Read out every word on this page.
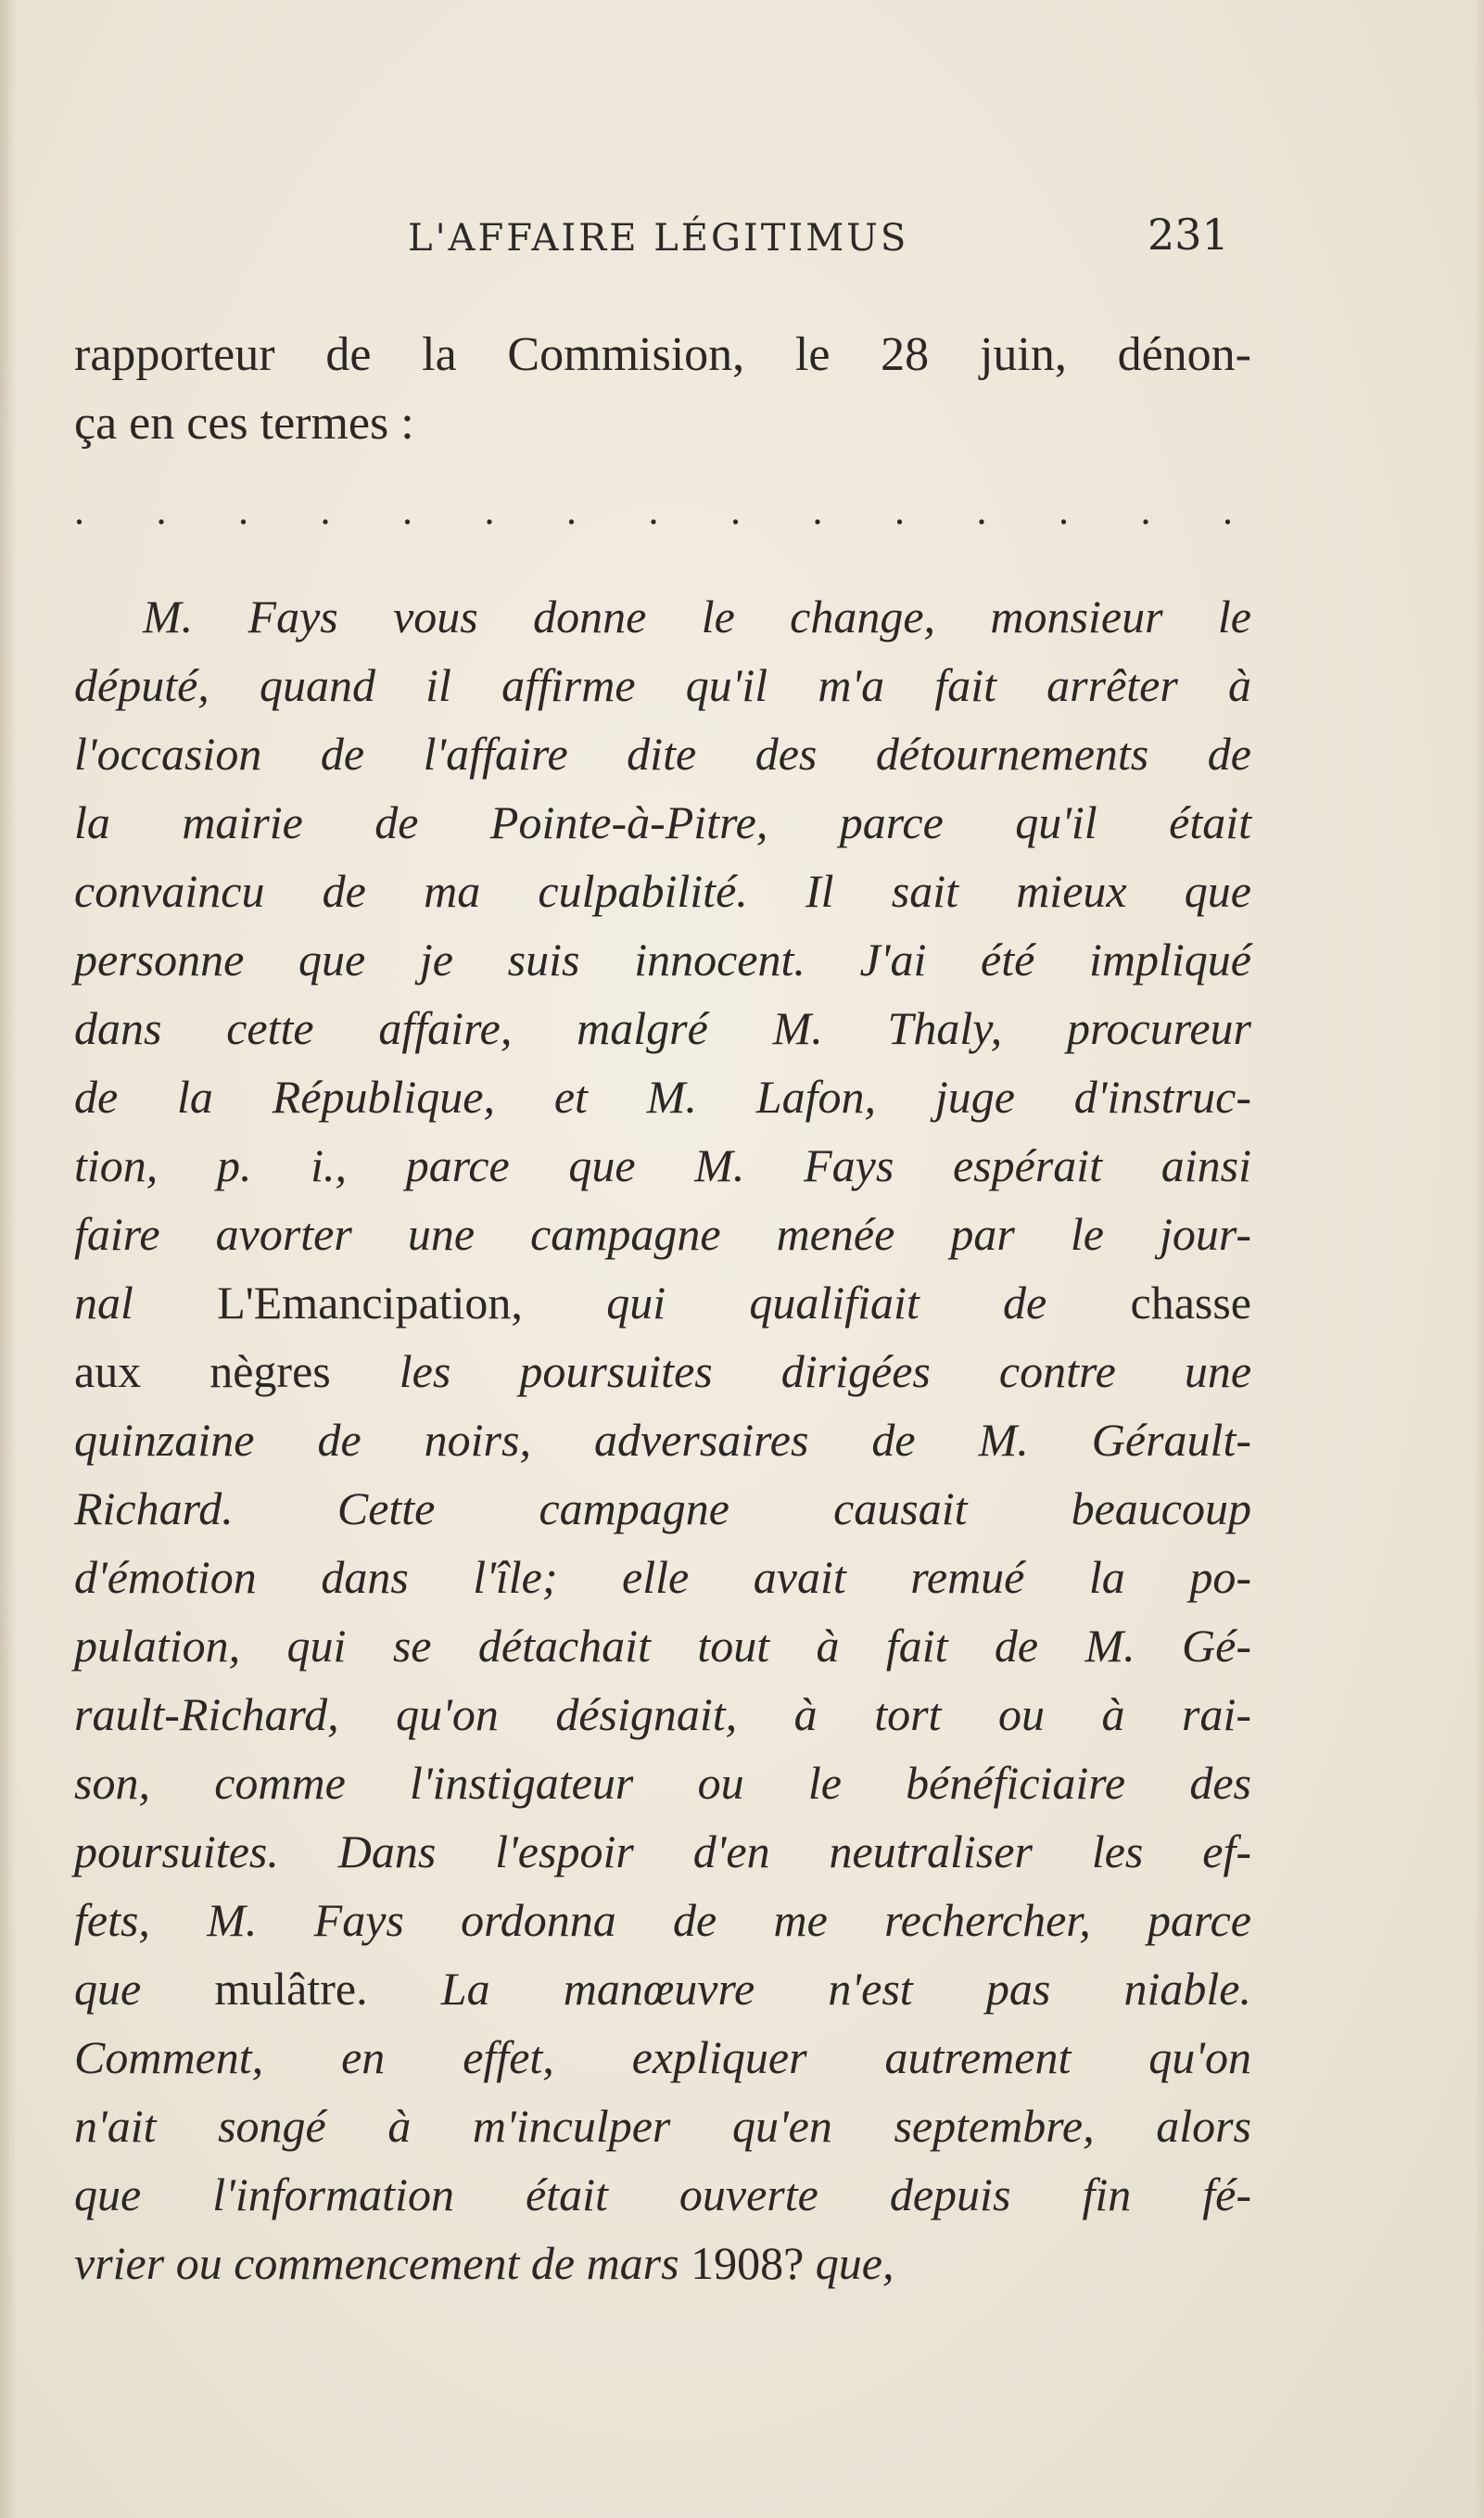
L'AFFAIRE LÉGITIMUS	231
rapporteur de la Commision, le 28 juin, dénon-
ça en ces termes :
. . . . . . . . . . . . . . .
M. Fays vous donne le change, monsieur le
député, quand il affirme qu'il m'a fait arrêter à
l'occasion de l'affaire dite des détournements de
la mairie de Pointe-à-Pitre, parce qu'il était
convaincu de ma culpabilité. Il sait mieux que
personne que je suis innocent. J'ai été impliqué
dans cette affaire, malgré M. Thaly, procureur
de la République, et M. Lafon, juge d'instruc-
tion, p. i., parce que M. Fays espérait ainsi
faire avorter une campagne menée par le jour-
nal L'Emancipation, qui qualifiait de chasse
aux nègres les poursuites dirigées contre une
quinzaine de noirs, adversaires de M. Gérault-
Richard. Cette campagne causait beaucoup
d'émotion dans l'île; elle avait remué la po-
pulation, qui se détachait tout à fait de M. Gé-
rault-Richard, qu'on désignait, à tort ou à rai-
son, comme l'instigateur ou le bénéficiaire des
poursuites. Dans l'espoir d'en neutraliser les ef-
fets, M. Fays ordonna de me rechercher, parce
que mulâtre. La manœuvre n'est pas niable.
Comment, en effet, expliquer autrement qu'on
n'ait songé à m'inculper qu'en septembre, alors
que l'information était ouverte depuis fin fé-
vrier ou commencement de mars 1908? que,
